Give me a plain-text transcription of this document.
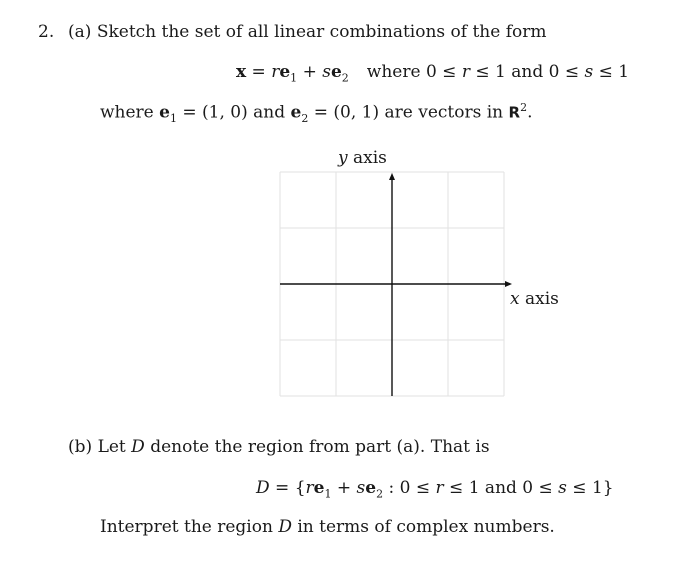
2. (a) Sketch the set of all linear combinations of the form
$x = re_1 + se_2$ where 0 ≤ r ≤ 1 and 0 ≤ s ≤ 1
where $e_1 = (1$, 0) and $e_2 = (0$, 1) are vectors in $R^2$.
y axis
x axis
(b) Let D denote the region from part (a). That is
$D = \{re_1 + se_2$ : 0 ≤ r ≤ 1 and 0 ≤ s ≤ 1}
Interpret the region D in terms of complex numbers.
